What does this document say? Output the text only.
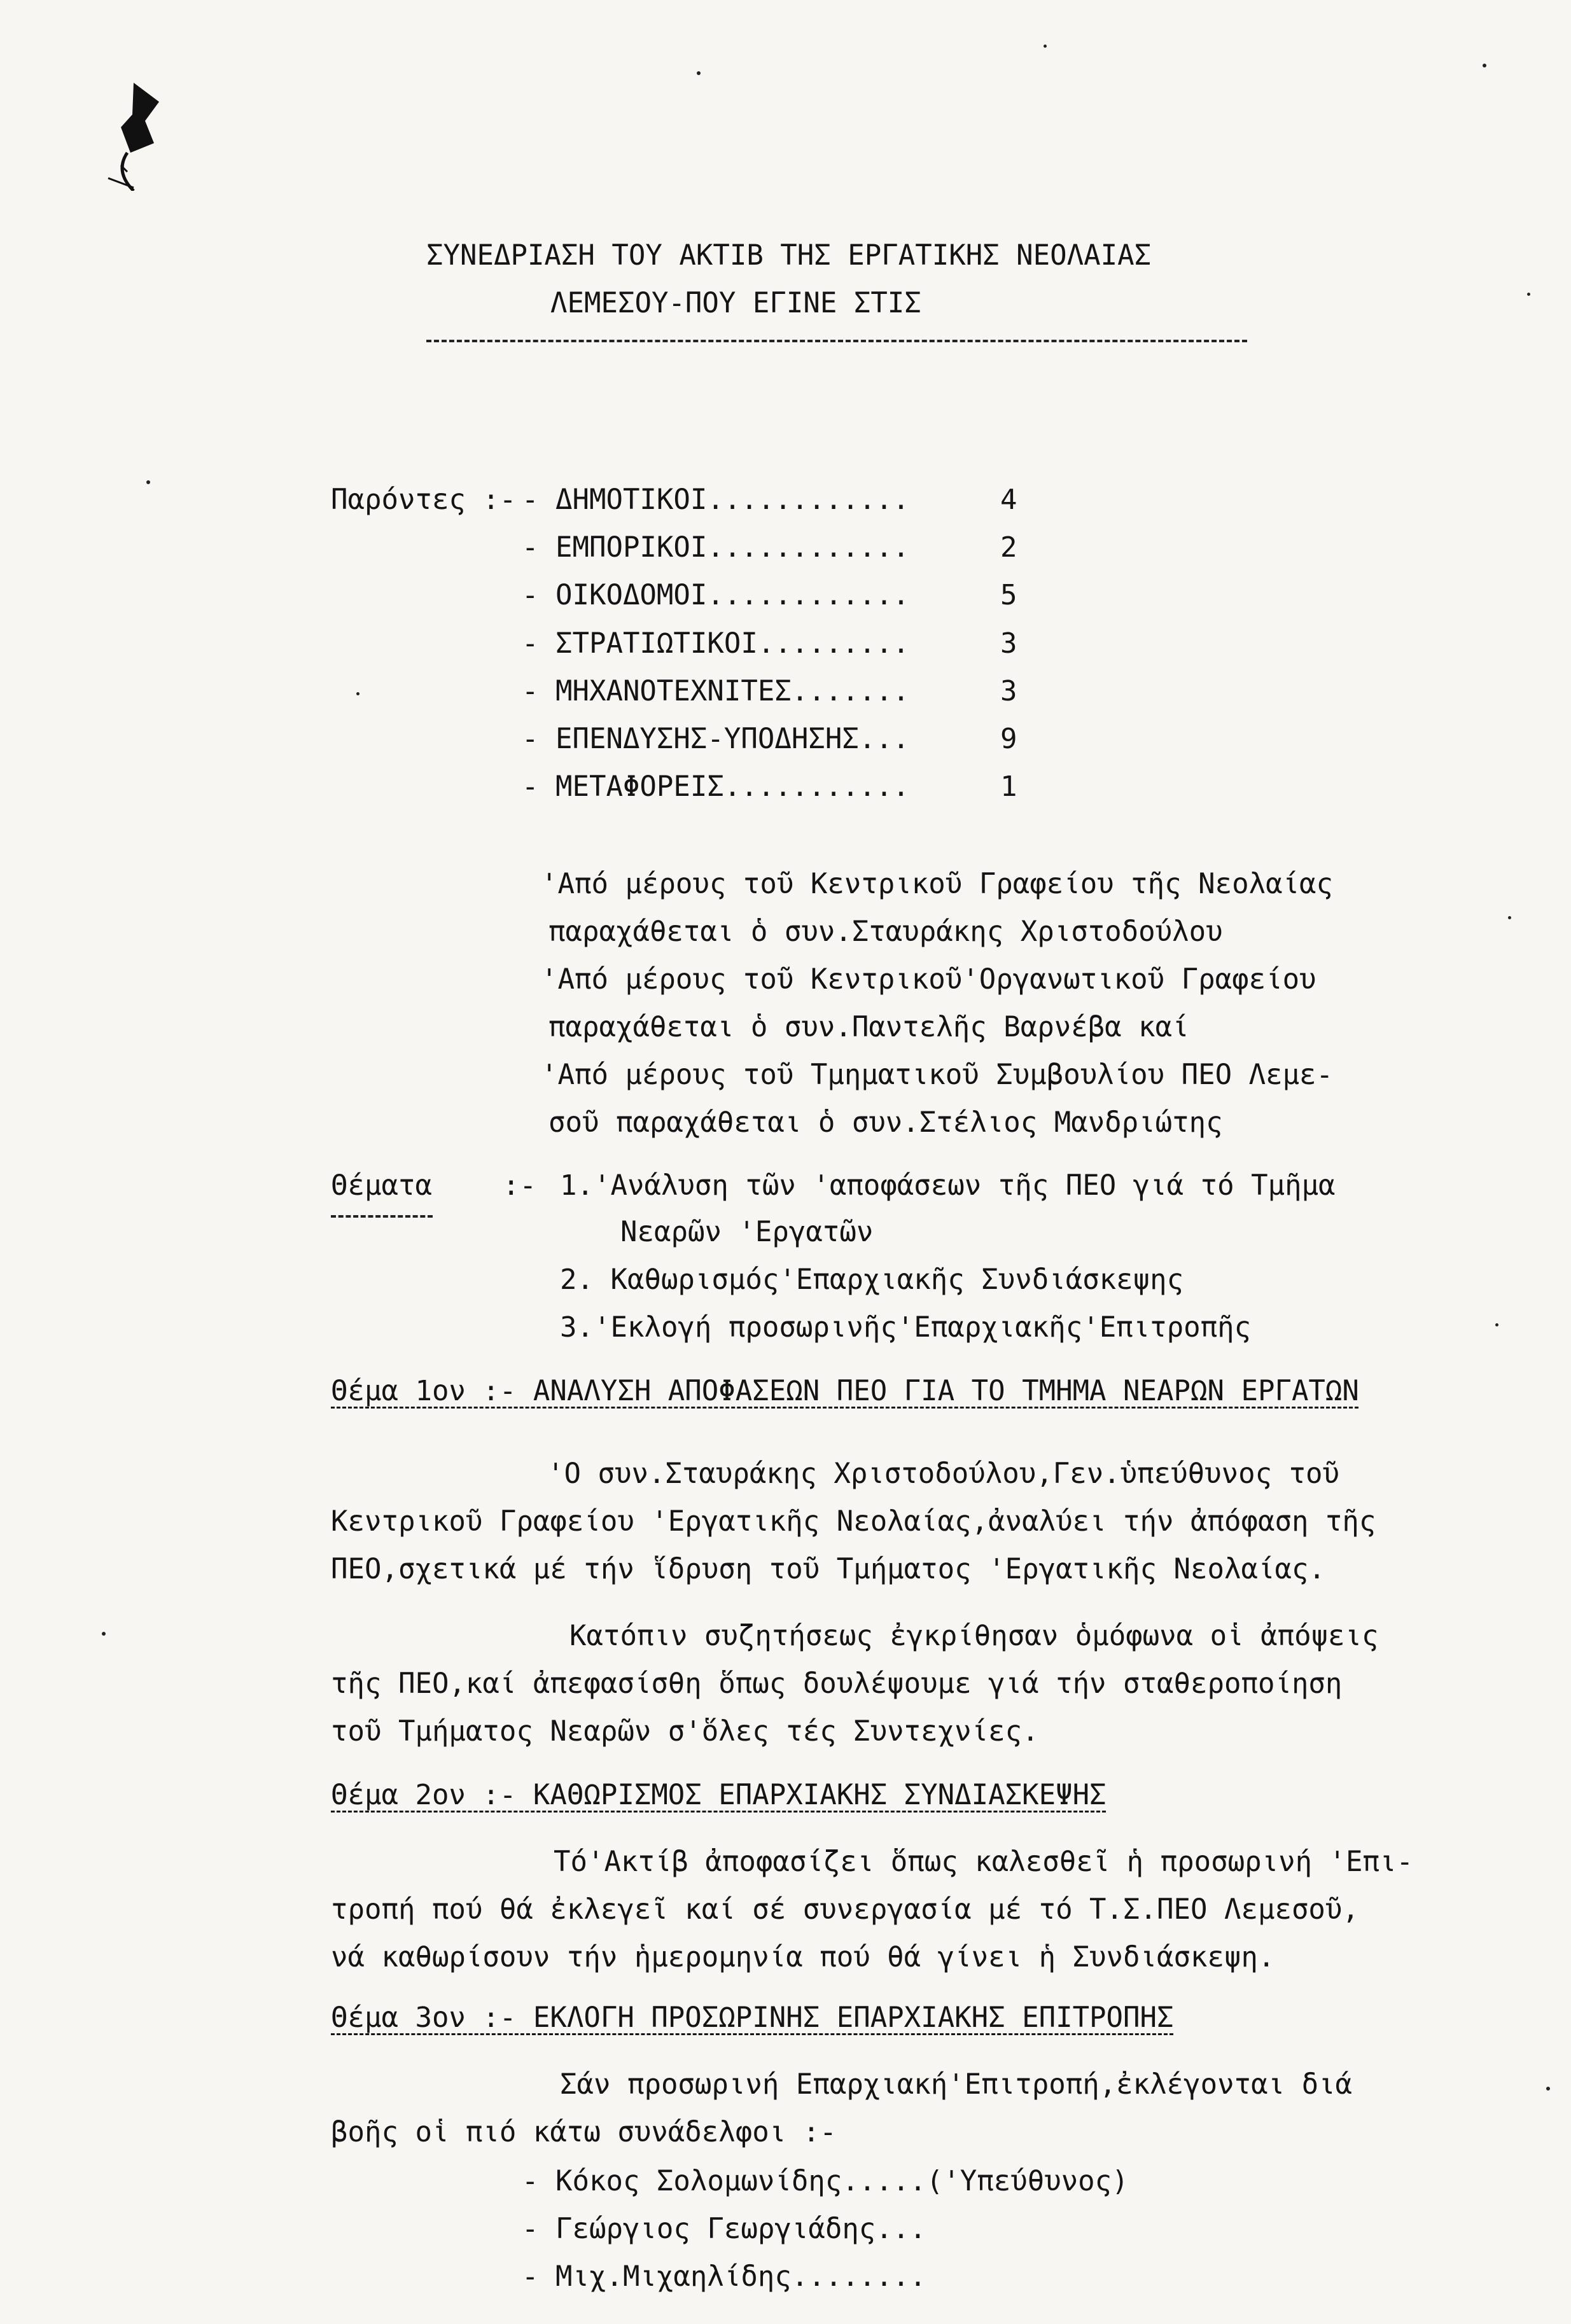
ΣΥΝΕΔΡΙΑΣΗ ΤΟΥ ΑΚΤΙΒ ΤΗΣ ΕΡΓΑΤΙΚΗΣ ΝΕΟΛΑΙΑΣ
ΛΕΜΕΣΟΥ-ΠΟΥ ΕΓΙΝΕ ΣΤΙΣ
Παρόντες :- - ΔΗΜΟΤΙΚΟΙ............	4
- ΕΜΠΟΡΙΚΟΙ............	2
- ΟΙΚΟΔΟΜΟΙ............	5
- ΣΤΡΑΤΙΩΤΙΚΟΙ.........	3
- ΜΗΧΑΝΟΤΕΧΝΙΤΕΣ.......	3
- ΕΠΕΝΔΥΣΗΣ-ΥΠΟΔΗΣΗΣ...	9
- ΜΕΤΑΦΟΡΕΙΣ...........	1
'Από μέρους τοῦ Κεντρικοῦ Γραφείου τῆς Νεολαίας
παραχάθεται ὁ συν.Σταυράκης Χριστοδούλου
'Από μέρους τοῦ Κεντρικοῦ'Οργανωτικοῦ Γραφείου
παραχάθεται ὁ συν.Παντελῆς Βαρνέβα καί
'Από μέρους τοῦ Τμηματικοῦ Συμβουλίου ΠΕΟ Λεμε-
σοῦ παραχάθεται ὁ συν.Στέλιος Μανδριώτης
Θέματα	:- 1.'Ανάλυση τῶν 'αποφάσεων τῆς ΠΕΟ γιά τό Τμῆμα
Νεαρῶν 'Εργατῶν
2. Καθωρισμός'Επαρχιακῆς Συνδιάσκεψης
3.'Εκλογή προσωρινῆς'Επαρχιακῆς'Επιτροπῆς
Θέμα 1ον :- ΑΝΑΛΥΣΗ ΑΠΟΦΑΣΕΩΝ ΠΕΟ ΓΙΑ ΤΟ ΤΜΗΜΑ ΝΕΑΡΩΝ ΕΡΓΑΤΩΝ
'Ο συν.Σταυράκης Χριστοδούλου,Γεν.ὑπεύθυνος τοῦ
Κεντρικοῦ Γραφείου 'Εργατικῆς Νεολαίας,ἀναλύει τήν ἀπόφαση τῆς
ΠΕΟ,σχετικά μέ τήν ἵδρυση τοῦ Τμήματος 'Εργατικῆς Νεολαίας.
Κατόπιν συζητήσεως ἐγκρίθησαν ὁμόφωνα οἱ ἀπόψεις
τῆς ΠΕΟ,καί ἀπεφασίσθη ὅπως δουλέψουμε γιά τήν σταθεροποίηση
τοῦ Τμήματος Νεαρῶν σ'ὅλες τές Συντεχνίες.
Θέμα 2ον :- ΚΑΘΩΡΙΣΜΟΣ ΕΠΑΡΧΙΑΚΗΣ ΣΥΝΔΙΑΣΚΕΨΗΣ
Τό'Ακτίβ ἀποφασίζει ὅπως καλεσθεῖ ἡ προσωρινή 'Επι-
τροπή πού θά ἐκλεγεῖ καί σέ συνεργασία μέ τό Τ.Σ.ΠΕΟ Λεμεσοῦ,
νά καθωρίσουν τήν ἡμερομηνία πού θά γίνει ἡ Συνδιάσκεψη.
Θέμα 3ον :- ΕΚΛΟΓΗ ΠΡΟΣΩΡΙΝΗΣ ΕΠΑΡΧΙΑΚΗΣ ΕΠΙΤΡΟΠΗΣ
Σάν προσωρινή Επαρχιακή'Επιτροπή,ἐκλέγονται διά
βοῆς οἱ πιό κάτω συνάδελφοι :-
- Κόκος Σολομωνίδης.....('Υπεύθυνος)
- Γεώργιος Γεωργιάδης...
- Μιχ.Μιχαηλίδης........
